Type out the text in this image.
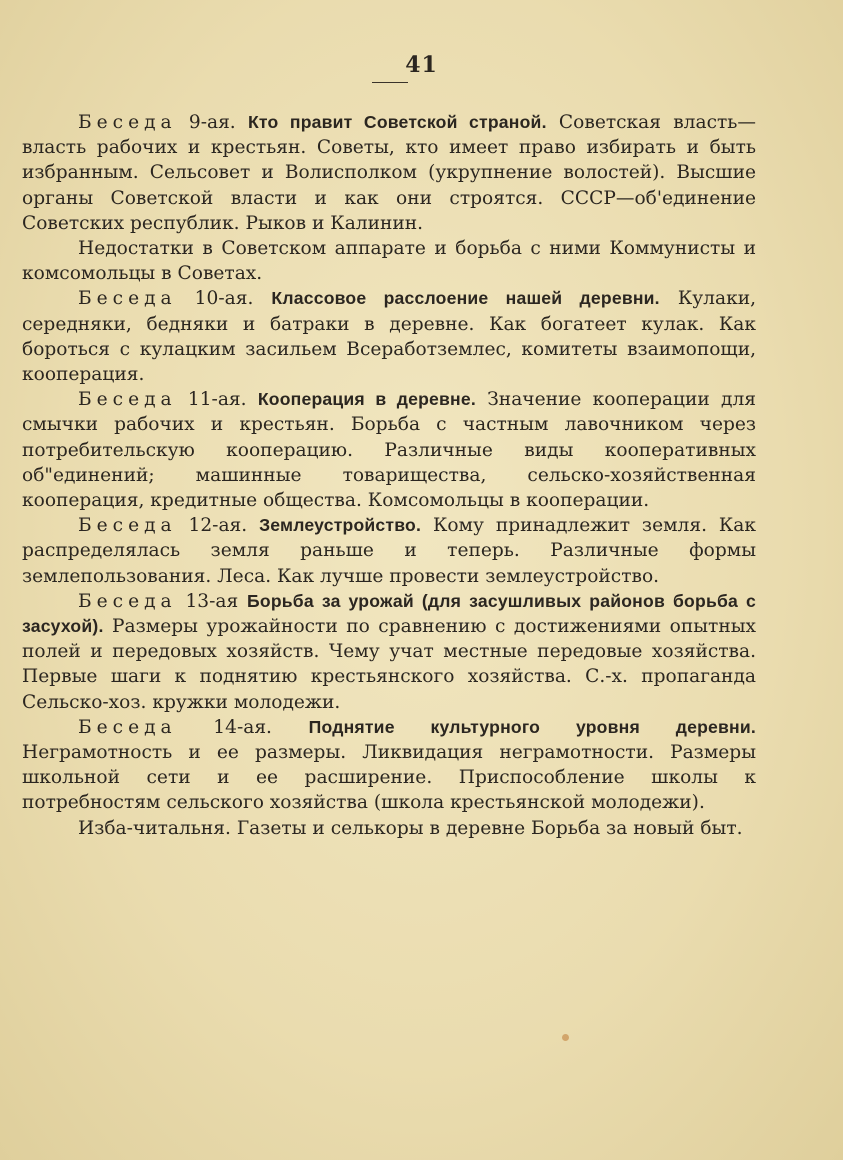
41

Беседа 9-ая. Кто правит Советской страной. Советская власть—власть рабочих и крестьян. Советы, кто имеет право избирать и быть избранным. Сельсовет и Волисполком (укрупнение волостей). Высшие органы Советской власти и как они строятся. СССР—об'единение Советских республик. Рыков и Калинин.

Недостатки в Советском аппарате и борьба с ними Коммунисты и комсомольцы в Советах.

Беседа 10-ая. Классовое расслоение нашей деревни. Кулаки, середняки, бедняки и батраки в деревне. Как богатеет кулак. Как бороться с кулацким засильем Всеработземлес, комитеты взаимопощи, кооперация.

Беседа 11-ая. Кооперация в деревне. Значение кооперации для смычки рабочих и крестьян. Борьба с частным лавочником через потребительскую кооперацию. Различные виды кооперативных об"единений; машинные товарищества, сельско-хозяйственная кооперация, кредитные общества. Комсомольцы в кооперации.

Беседа 12-ая. Землеустройство. Кому принадлежит земля. Как распределялась земля раньше и теперь. Различные формы землепользования. Леса. Как лучше провести землеустройство.

Беседа 13-ая Борьба за урожай (для засушливых районов борьба с засухой). Размеры урожайности по сравнению с достижениями опытных полей и передовых хозяйств. Чему учат местные передовые хозяйства. Первые шаги к поднятию крестьянского хозяйства. С.-х. пропаганда Сельско-хоз. кружки молодежи.

Беседа 14-ая. Поднятие культурного уровня деревни. Неграмотность и ее размеры. Ликвидация неграмотности. Размеры школьной сети и ее расширение. Приспособление школы к потребностям сельского хозяйства (школа крестьянской молодежи).

Изба-читальня. Газеты и селькоры в деревне Борьба за новый быт.
